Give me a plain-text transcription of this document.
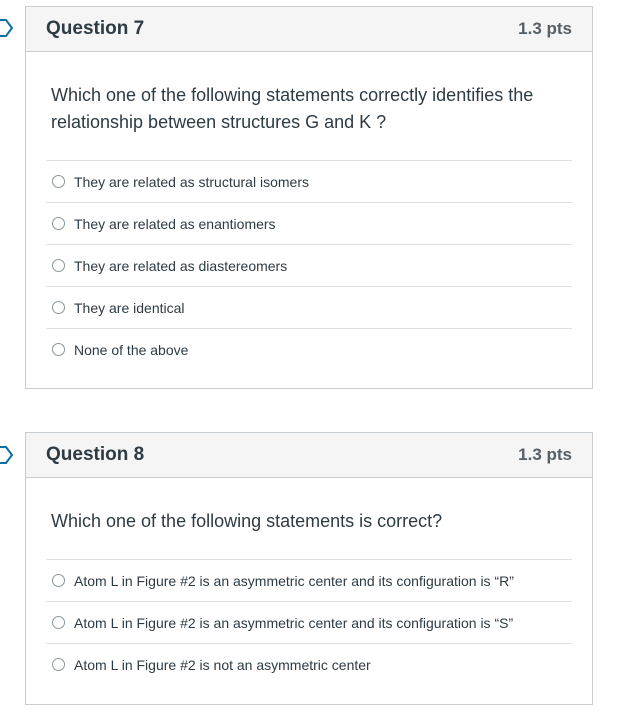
Question 7	1.3 pts
Which one of the following statements correctly identifies the relationship between structures G and K ?
They are related as structural isomers
They are related as enantiomers
They are related as diastereomers
They are identical
None of the above
Question 8	1.3 pts
Which one of the following statements is correct?
Atom L in Figure #2 is an asymmetric center and its configuration is “R”
Atom L in Figure #2 is an asymmetric center and its configuration is “S”
Atom L in Figure #2 is not an asymmetric center
